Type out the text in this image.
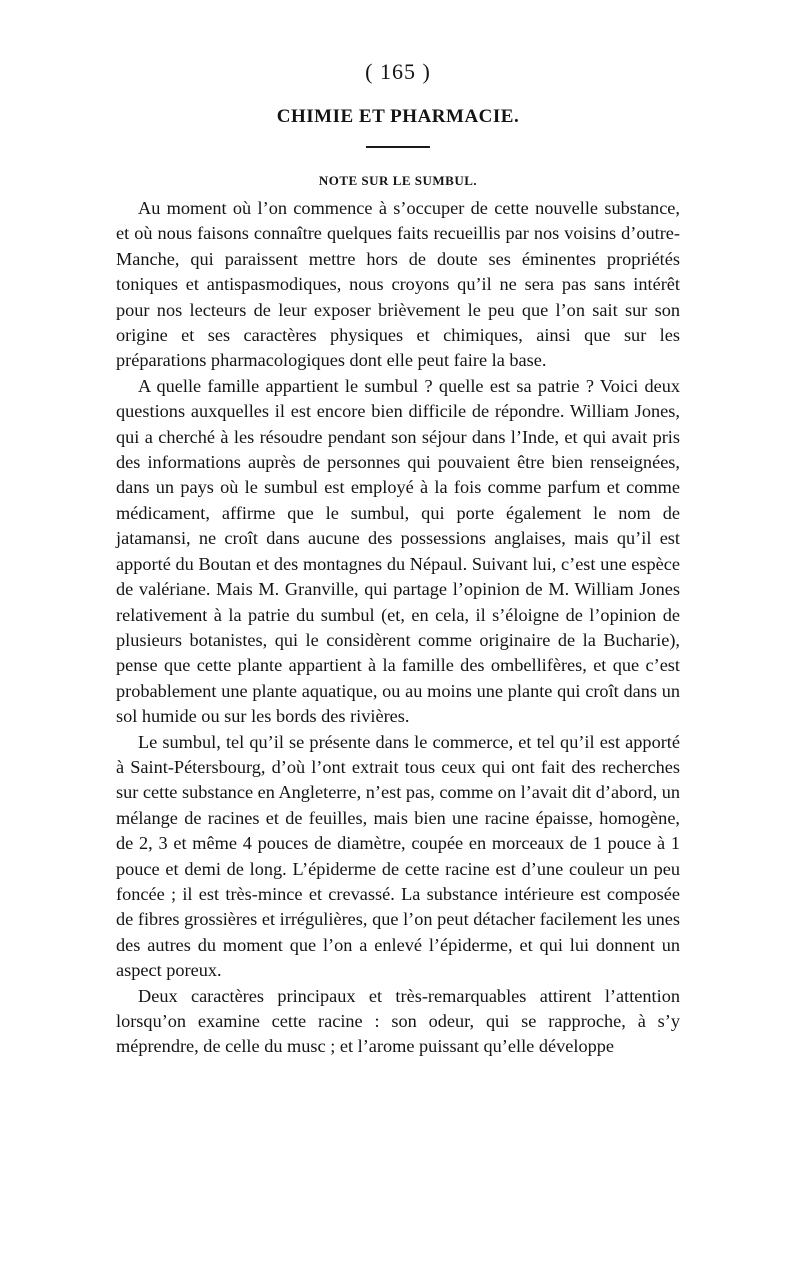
( 165 )

CHIMIE ET PHARMACIE.
NOTE SUR LE SUMBUL.

Au moment où l’on commence à s’occuper de cette nouvelle substance, et où nous faisons connaître quelques faits recueillis par nos voisins d’outre-Manche, qui paraissent mettre hors de doute ses éminentes propriétés toniques et antispasmodiques, nous croyons qu’il ne sera pas sans intérêt pour nos lecteurs de leur exposer brièvement le peu que l’on sait sur son origine et ses caractères physiques et chimiques, ainsi que sur les préparations pharmacologiques dont elle peut faire la base.

A quelle famille appartient le sumbul ? quelle est sa patrie ? Voici deux questions auxquelles il est encore bien difficile de répondre. William Jones, qui a cherché à les résoudre pendant son séjour dans l’Inde, et qui avait pris des informations auprès de personnes qui pouvaient être bien renseignées, dans un pays où le sumbul est employé à la fois comme parfum et comme médicament, affirme que le sumbul, qui porte également le nom de jatamansi, ne croît dans aucune des possessions anglaises, mais qu’il est apporté du Boutan et des montagnes du Népaul. Suivant lui, c’est une espèce de valériane. Mais M. Granville, qui partage l’opinion de M. William Jones relativement à la patrie du sumbul (et, en cela, il s’éloigne de l’opinion de plusieurs botanistes, qui le considèrent comme originaire de la Bucharie), pense que cette plante appartient à la famille des ombellifères, et que c’est probablement une plante aquatique, ou au moins une plante qui croît dans un sol humide ou sur les bords des rivières.

Le sumbul, tel qu’il se présente dans le commerce, et tel qu’il est apporté à Saint-Pétersbourg, d’où l’ont extrait tous ceux qui ont fait des recherches sur cette substance en Angleterre, n’est pas, comme on l’avait dit d’abord, un mélange de racines et de feuilles, mais bien une racine épaisse, homogène, de 2, 3 et même 4 pouces de diamètre, coupée en morceaux de 1 pouce à 1 pouce et demi de long. L’épiderme de cette racine est d’une couleur un peu foncée ; il est très-mince et crevassé. La substance intérieure est composée de fibres grossières et irrégulières, que l’on peut détacher facilement les unes des autres du moment que l’on a enlevé l’épiderme, et qui lui donnent un aspect poreux.

Deux caractères principaux et très-remarquables attirent l’attention lorsqu’on examine cette racine : son odeur, qui se rapproche, à s’y méprendre, de celle du musc ; et l’arome puissant qu’elle développe
